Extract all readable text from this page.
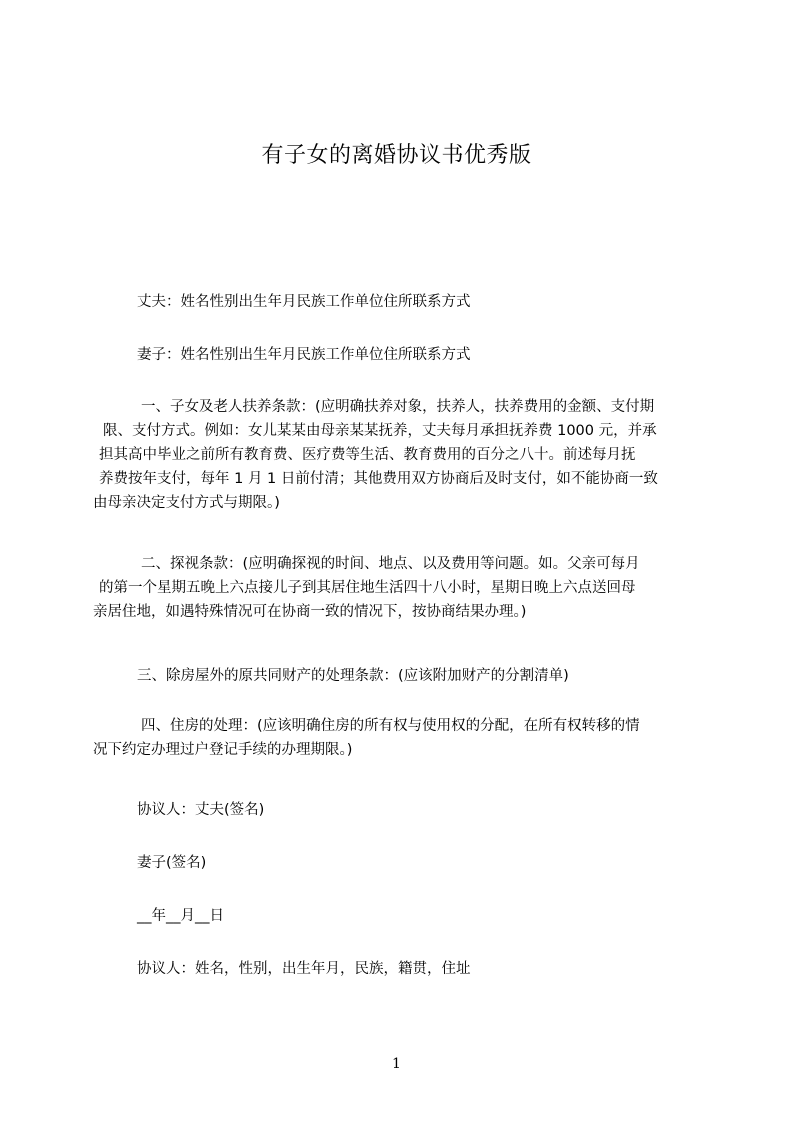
有子女的离婚协议书优秀版

丈夫：姓名性别出生年月民族工作单位住所联系方式

妻子：姓名性别出生年月民族工作单位住所联系方式

一、子女及老人扶养条款：(应明确扶养对象，扶养人，扶养费用的金额、支付期
限、支付方式。例如：女儿某某由母亲某某抚养，丈夫每月承担抚养费 1000 元，并承
担其高中毕业之前所有教育费、医疗费等生活、教育费用的百分之八十。前述每月抚
养费按年支付，每年 1 月 1 日前付清；其他费用双方协商后及时支付，如不能协商一致
由母亲决定支付方式与期限。)
二、探视条款：(应明确探视的时间、地点、以及费用等问题。如。父亲可每月
的第一个星期五晚上六点接儿子到其居住地生活四十八小时，星期日晚上六点送回母
亲居住地，如遇特殊情况可在协商一致的情况下，按协商结果办理。)

三、除房屋外的原共同财产的处理条款：(应该附加财产的分割清单)

四、住房的处理：(应该明确住房的所有权与使用权的分配，在所有权转移的情
况下约定办理过户登记手续的办理期限。)

协议人：丈夫(签名)

妻子(签名)

__年__月__日

协议人：姓名，性别，出生年月，民族，籍贯，住址

1
